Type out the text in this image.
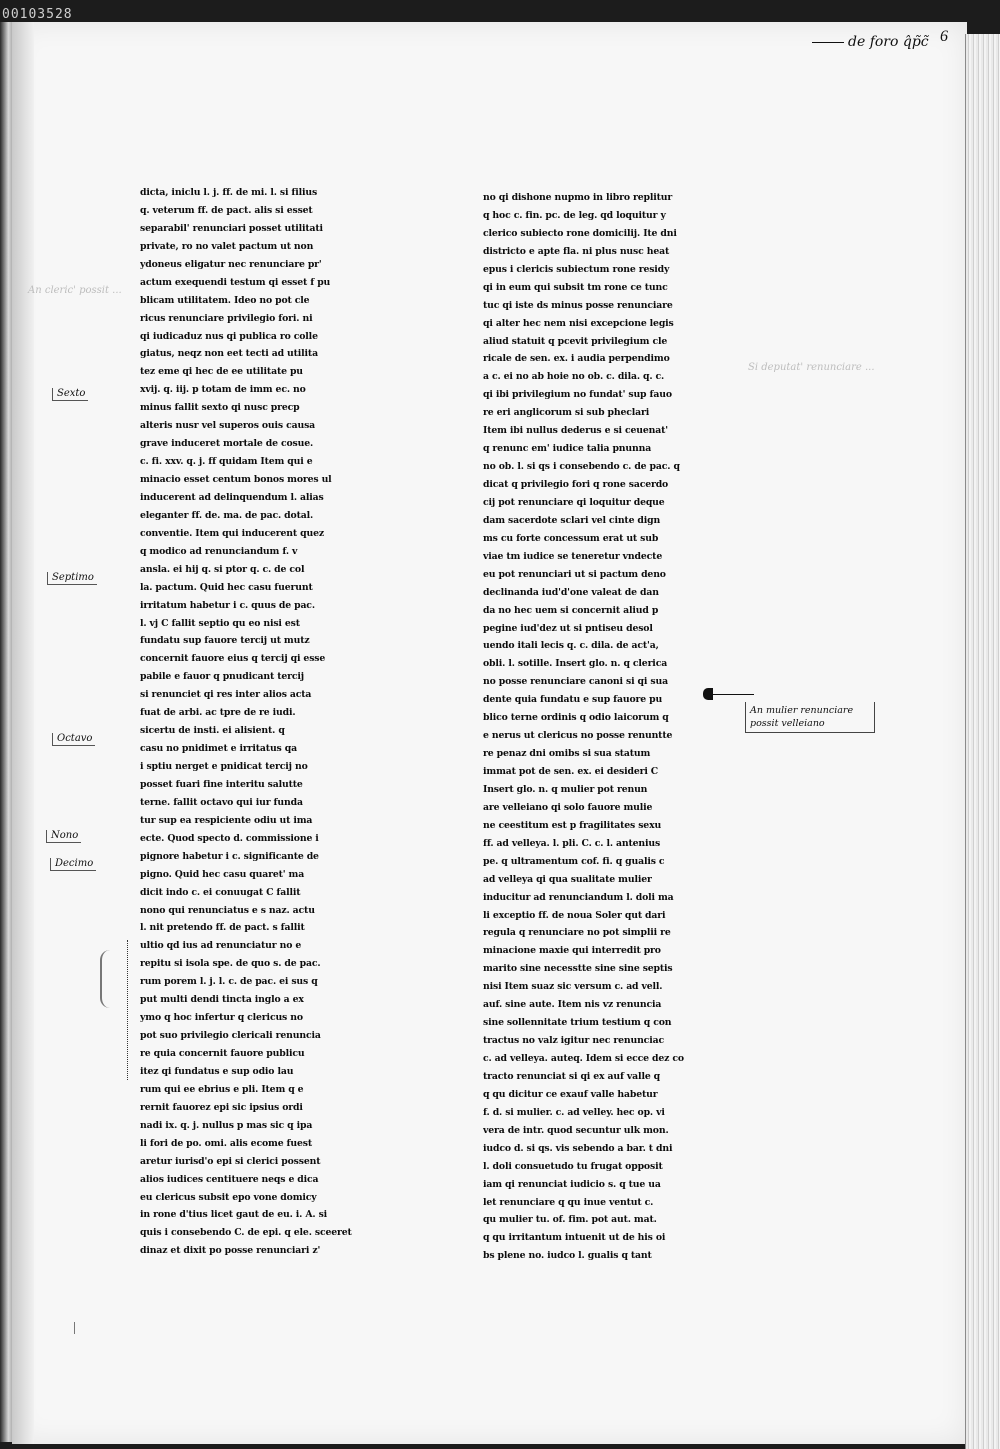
00103528
de foro q̂p̃c̃ 6
An cleric' possit ...
Si deputat' renunciare ...
Sexto
Septimo
Octavo
Nono
Decimo
dicta, iniclu l. j. ff. de mi. l. si filius
q. veterum ff. de pact. alis si esset
separabil' renunciari posset utilitati
private, ro no valet pactum ut non
ydoneus eligatur nec renunciare pr'
actum exequendi testum qi esset f pu
blicam utilitatem. Ideo no pot cle
ricus renunciare privilegio fori. ni
qi iudicaduz nus qi publica ro colle
giatus, neqz non eet tecti ad utilita
tez eme qi hec de ee utilitate pu
xvij. q. iij. p totam de imm ec. no
minus fallit sexto qi nusc precp
alteris nusr vel superos ouis causa
grave induceret mortale de cosue.
c. fi. xxv. q. j. ff quidam Item qui e
minacio esset centum bonos mores ul
inducerent ad delinquendum l. alias
eleganter ff. de. ma. de pac. dotal.
conventie. Item qui inducerent quez
q modico ad renunciandum f. v
ansla. ei hij q. si ptor q. c. de col
la. pactum. Quid hec casu fuerunt
irritatum habetur i c. quus de pac.
l. vj C fallit septio qu eo nisi est
fundatu sup fauore tercij ut mutz
concernit fauore eius q tercij qi esse
pabile e fauor q pnudicant tercij
si renunciet qi res inter alios acta
fuat de arbi. ac tpre de re iudi.
sicertu de insti. ei alisient. q
casu no pnidimet e irritatus qa
i sptiu nerget e pnidicat tercij no
posset fuari fine interitu salutte
terne. fallit octavo qui iur funda
tur sup ea respiciente odiu ut ima
ecte. Quod specto d. commissione i
pignore habetur i c. significante de
pigno. Quid hec casu quaret' ma
dicit indo c. ei conuugat C fallit
nono qui renunciatus e s naz. actu
l. nit pretendo ff. de pact. s fallit
ultio qd ius ad renunciatur no e
repitu si isola spe. de quo s. de pac.
rum porem l. j. l. c. de pac. ei sus q
put multi dendi tincta inglo a ex
ymo q hoc infertur q clericus no
pot suo privilegio clericali renuncia
re quia concernit fauore publicu
itez qi fundatus e sup odio lau
rum qui ee ebrius e pli. Item q e
rernit fauorez epi sic ipsius ordi
nadi ix. q. j. nullus p mas sic q ipa
li fori de po. omi. alis ecome fuest
aretur iurisd'o epi si clerici possent
alios iudices centituere neqs e dica
eu clericus subsit epo vone domicy
in rone d'tius licet gaut de eu. i. A. si
quis i consebendo C. de epi. q ele. sceeret
dinaz et dixit po posse renunciari z'
no qi dishone nupmo in libro replitur
q hoc c. fin. pc. de leg. qd loquitur y
clerico subiecto rone domicilij. Ite dni
districto e apte fla. ni plus nusc heat
epus i clericis subiectum rone residy
qi in eum qui subsit tm rone ce tunc
tuc qi iste ds minus posse renunciare
qi alter hec nem nisi excepcione legis
aliud statuit q pcevit privilegium cle
ricale de sen. ex. i audia perpendimo
a c. ei no ab hoie no ob. c. dila. q. c.
qi ibi privilegium no fundat' sup fauo
re eri anglicorum si sub pheclari
Item ibi nullus dederus e si ceuenat'
q renunc em' iudice talia pnunna
no ob. l. si qs i consebendo c. de pac. q
dicat q privilegio fori q rone sacerdo
cij pot renunciare qi loquitur deque
dam sacerdote sclari vel cinte dign
ms cu forte concessum erat ut sub
viae tm iudice se teneretur vndecte
eu pot renunciari ut si pactum deno
declinanda iud'd'one valeat de dan
da no hec uem si concernit aliud p
pegine iud'dez ut si pntiseu desol
uendo itali lecis q. c. dila. de act'a,
obli. l. sotille. Insert glo. n. q clerica
no posse renunciare canoni si qi sua
dente quia fundatu e sup fauore pu
blico terne ordinis q odio laicorum q
e nerus ut clericus no posse renuntte
re penaz dni omibs si sua statum
immat pot de sen. ex. ei desideri C
Insert glo. n. q mulier pot renun
are velleiano qi solo fauore mulie
ne ceestitum est p fragilitates sexu
ff. ad velleya. l. pli. C. c. l. antenius
pe. q ultramentum cof. fi. q gualis c
ad velleya qi qua sualitate mulier
inducitur ad renunciandum l. doli ma
li exceptio ff. de noua Soler qut dari
regula q renunciare no pot simplii re
minacione maxie qui interredit pro
marito sine necesstte sine sine septis
nisi Item suaz sic versum c. ad vell.
auf. sine aute. Item nis vz renuncia
sine sollennitate trium testium q con
tractus no valz igitur nec renunciac
c. ad velleya. auteq. Idem si ecce dez co
tracto renunciat si qi ex auf valle q
q qu dicitur ce exauf valle habetur
f. d. si mulier. c. ad velley. hec op. vi
vera de intr. quod secuntur ulk mon.
iudco d. si qs. vis sebendo a bar. t dni
l. doli consuetudo tu frugat opposit
iam qi renunciat iudicio s. q tue ua
let renunciare q qu inue ventut c.
qu mulier tu. of. fim. pot aut. mat.
q qu irritantum intuenit ut de his oi
bs plene no. iudco l. gualis q tant
An mulier renunciare
possit velleiano
